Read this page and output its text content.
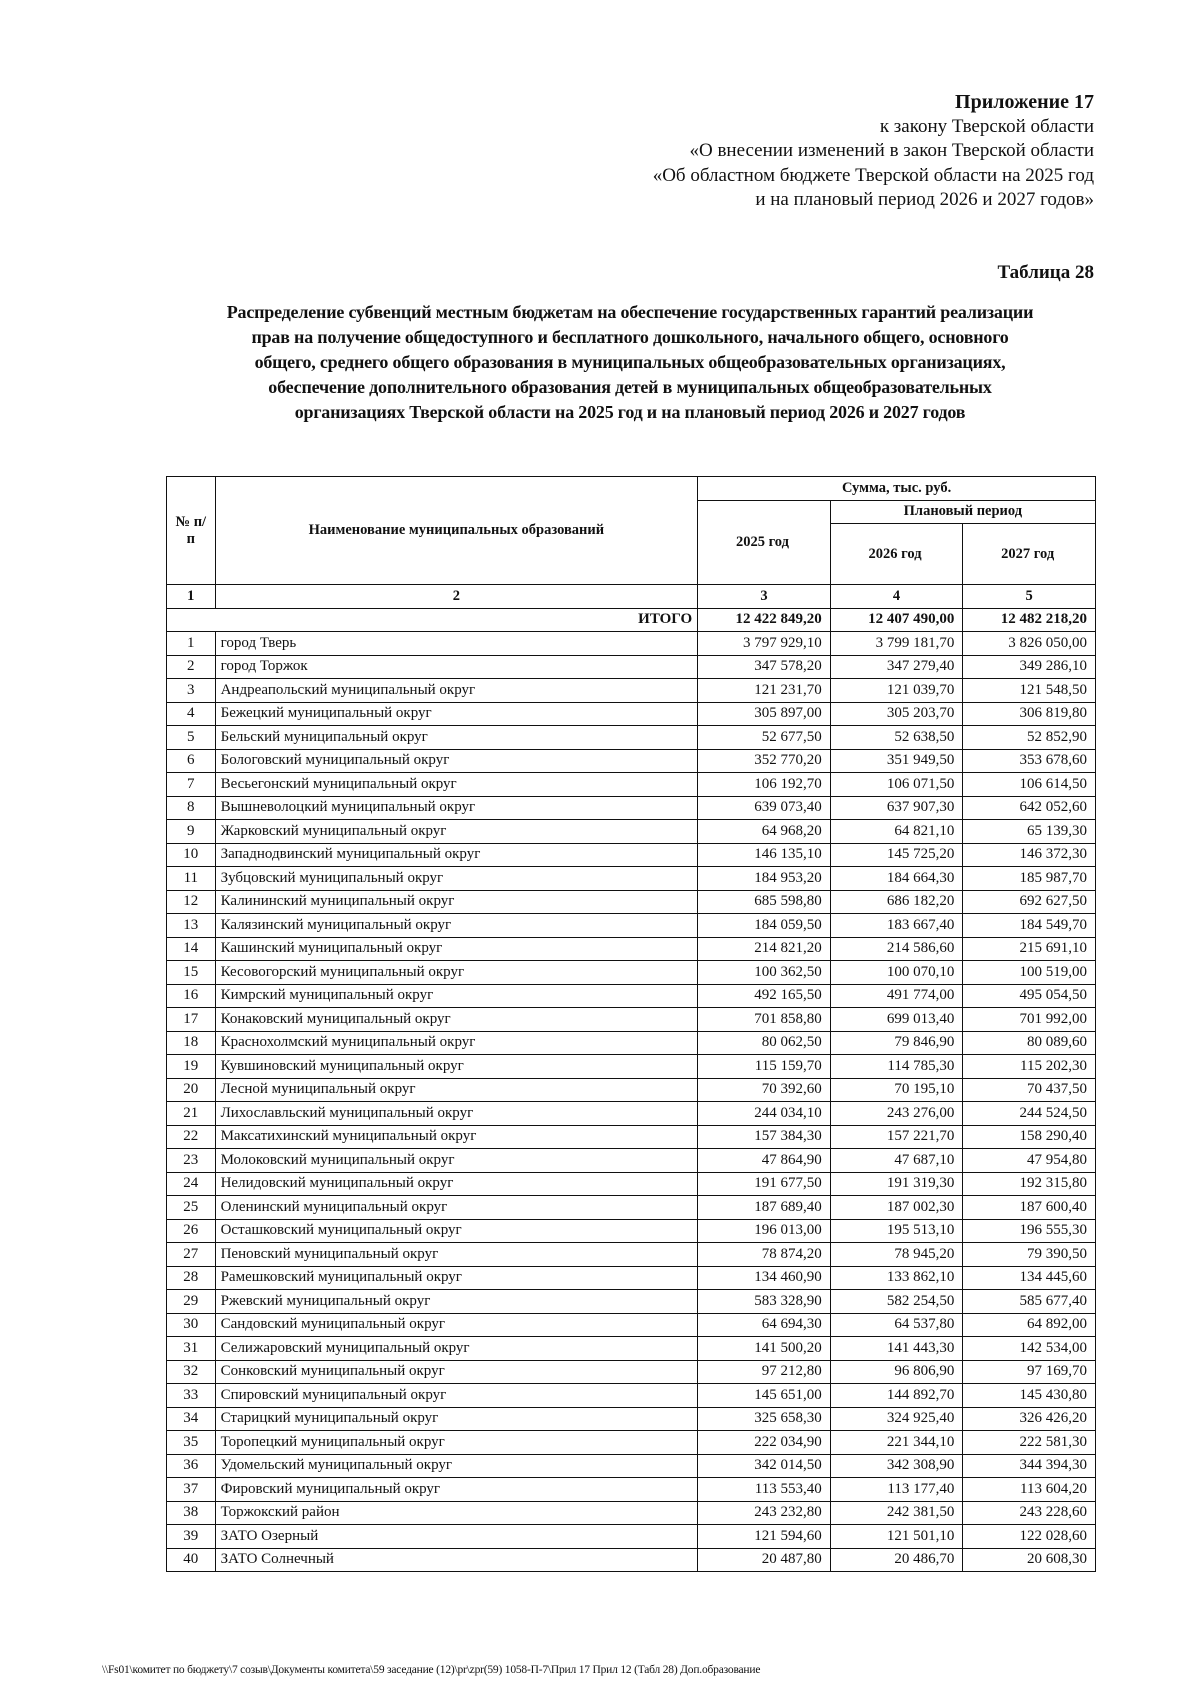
Приложение 17
к закону Тверской области
«О внесении изменений в закон Тверской области
«Об областном бюджете Тверской области на 2025 год
и на плановый период 2026 и 2027 годов»
Таблица 28
Распределение субвенций местным бюджетам на обеспечение государственных гарантий реализации
прав на получение общедоступного и бесплатного дошкольного, начального общего, основного
общего, среднего общего образования в муниципальных общеобразовательных организациях,
обеспечение дополнительного образования детей в муниципальных общеобразовательных
организациях Тверской области на 2025 год и на плановый период 2026 и 2027 годов
№ п/п	Наименование муниципальных образований	Сумма, тыс. руб.		
		2025 год	Плановый период	
			2026 год	2027 год
1	2	3	4	5
ИТОГО		12 422 849,20	12 407 490,00	12 482 218,20
1	город Тверь	3 797 929,10	3 799 181,70	3 826 050,00
2	город Торжок	347 578,20	347 279,40	349 286,10
3	Андреапольский муниципальный округ	121 231,70	121 039,70	121 548,50
4	Бежецкий муниципальный округ	305 897,00	305 203,70	306 819,80
5	Бельский муниципальный округ	52 677,50	52 638,50	52 852,90
6	Бологовский муниципальный округ	352 770,20	351 949,50	353 678,60
7	Весьегонский муниципальный округ	106 192,70	106 071,50	106 614,50
8	Вышневолоцкий муниципальный округ	639 073,40	637 907,30	642 052,60
9	Жарковский муниципальный округ	64 968,20	64 821,10	65 139,30
10	Западнодвинский муниципальный округ	146 135,10	145 725,20	146 372,30
11	Зубцовский муниципальный округ	184 953,20	184 664,30	185 987,70
12	Калининский муниципальный округ	685 598,80	686 182,20	692 627,50
13	Калязинский муниципальный округ	184 059,50	183 667,40	184 549,70
14	Кашинский муниципальный округ	214 821,20	214 586,60	215 691,10
15	Кесовогорский муниципальный округ	100 362,50	100 070,10	100 519,00
16	Кимрский муниципальный округ	492 165,50	491 774,00	495 054,50
17	Конаковский муниципальный округ	701 858,80	699 013,40	701 992,00
18	Краснохолмский муниципальный округ	80 062,50	79 846,90	80 089,60
19	Кувшиновский муниципальный округ	115 159,70	114 785,30	115 202,30
20	Лесной муниципальный округ	70 392,60	70 195,10	70 437,50
21	Лихославльский муниципальный округ	244 034,10	243 276,00	244 524,50
22	Максатихинский муниципальный округ	157 384,30	157 221,70	158 290,40
23	Молоковский муниципальный округ	47 864,90	47 687,10	47 954,80
24	Нелидовский муниципальный округ	191 677,50	191 319,30	192 315,80
25	Оленинский муниципальный округ	187 689,40	187 002,30	187 600,40
26	Осташковский муниципальный округ	196 013,00	195 513,10	196 555,30
27	Пеновский муниципальный округ	78 874,20	78 945,20	79 390,50
28	Рамешковский муниципальный округ	134 460,90	133 862,10	134 445,60
29	Ржевский муниципальный округ	583 328,90	582 254,50	585 677,40
30	Сандовский муниципальный округ	64 694,30	64 537,80	64 892,00
31	Селижаровский муниципальный округ	141 500,20	141 443,30	142 534,00
32	Сонковский муниципальный округ	97 212,80	96 806,90	97 169,70
33	Спировский муниципальный округ	145 651,00	144 892,70	145 430,80
34	Старицкий муниципальный округ	325 658,30	324 925,40	326 426,20
35	Торопецкий муниципальный округ	222 034,90	221 344,10	222 581,30
36	Удомельский муниципальный округ	342 014,50	342 308,90	344 394,30
37	Фировский муниципальный округ	113 553,40	113 177,40	113 604,20
38	Торжокский район	243 232,80	242 381,50	243 228,60
39	ЗАТО Озерный	121 594,60	121 501,10	122 028,60
40	ЗАТО Солнечный	20 487,80	20 486,70	20 608,30
\\Fs01\комитет по бюджету\7 созыв\Документы комитета\59 заседание (12)\pr\zpr(59) 1058-П-7\Прил 17 Прил 12 (Табл 28) Доп.образование
